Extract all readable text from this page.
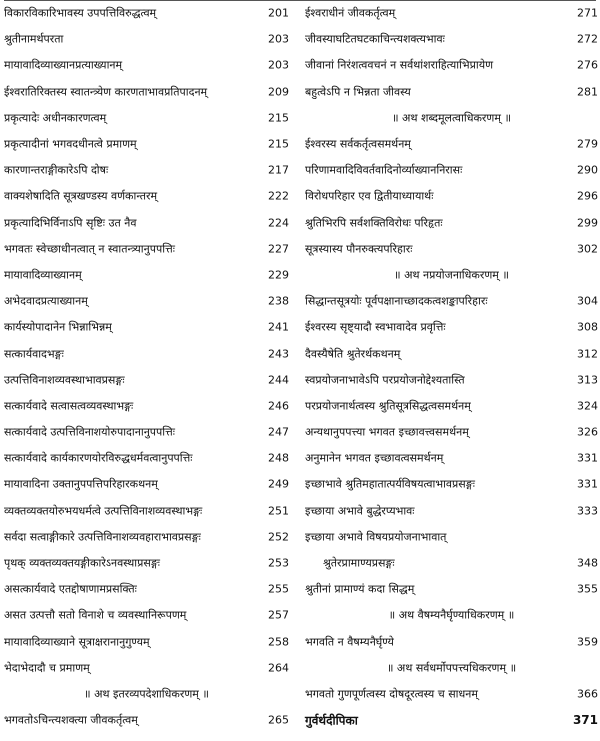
विकारविकारिभावस्य उपपत्तिविरुद्धत्वम्	201
श्रुतीनामर्थपरता	203
मायावादिव्याख्यानप्रत्याख्यानम्	203
ईश्वरातिरिक्तस्य स्वातन्त्र्येण कारणताभावप्रतिपादनम्	209
प्रकृत्यादेः अधीनकारणत्वम्	215
प्रकृत्यादीनां भगवदधीनत्वे प्रमाणम्	215
कारणान्तराङ्गीकारेऽपि दोषः	217
वाक्यशेषादिति सूत्रखण्डस्य वर्णकान्तरम्	222
प्रकृत्यादिभिर्विनाऽपि सृष्टिः उत नैव	224
भगवतः स्वेच्छाधीनत्वात् न स्वातन्त्र्यानुपपत्तिः	227
मायावादिव्याख्यानम्	229
अभेदवादप्रत्याख्यानम्	238
कार्यस्योपादानेन भिन्नाभिन्नम्	241
सत्कार्यवादभङ्गः	243
उत्पत्तिविनाशव्यवस्थाभावप्रसङ्गः	244
सत्कार्यवादे सत्वासत्वव्यवस्थाभङ्गः	246
सत्कार्यवादे उत्पत्तिविनाशयोरुपादानानुपपत्तिः	247
सत्कार्यवादे कार्यकारणयोरविरुद्धधर्मवत्वानुपपत्तिः	248
मायावादिना उक्तानुपपत्तिपरिहारकथनम्	249
व्यक्तव्यक्तयोरुभयधर्मत्वे उत्पत्तिविनाशव्यवस्थाभङ्गः	251
सर्वदा सत्वाङ्गीकारे उत्पत्तिविनाशव्यवहाराभावप्रसङ्गः	252
पृथक् व्यक्तव्यक्तयङ्गीकारेऽनवस्थाप्रसङ्गः	253
असत्कार्यवादे एतद्दोषाणामप्रसक्तिः	255
असत उत्पत्तौ सतो विनाशे च व्यवस्थानिरूपणम्	257
मायावादिव्याख्याने सूत्राक्षरानानुगुण्यम्	258
भेदाभेदादौ च प्रमाणम्	264
॥ अथ इतरव्यपदेशाधिकरणम् ॥
भगवतोऽचिन्त्यशक्त्या जीवकर्तृत्वम्	265
ईश्वराधीनं जीवकर्तृत्वम्	271
जीवस्याघटितघटकाचिन्त्यशक्त्यभावः	272
जीवानां निरंशत्ववचनं न सर्वथांशराहित्याभिप्रायेण	276
बहुत्वेऽपि न भिन्नता जीवस्य	281
॥ अथ शब्दमूलत्वाधिकरणम् ॥
ईश्वरस्य सर्वकर्तृत्वसमर्थनम्	279
परिणामवादिविवर्तवादिनोर्व्याख्याननिरासः	290
विरोधपरिहार एव द्वितीयाध्यायार्थः	296
श्रुतिभिरपि सर्वशक्तिविरोधः परिहृतः	299
सूत्रस्यास्य पौनरुक्त्यपरिहारः	302
॥ अथ नप्रयोजनाधिकरणम् ॥
सिद्धान्तसूत्रयोः पूर्वपक्षानाच्छादकत्वशङ्कापरिहारः	304
ईश्वरस्य सृष्ट्यादौ स्वभावादेव प्रवृत्तिः	308
दैवस्यैषेति श्रुतेरर्थकथनम्	312
स्वप्रयोजनाभावेऽपि परप्रयोजनोद्देश्यतास्ति	313
परप्रयोजनार्थत्वस्य श्रुतिसूत्रसिद्धत्वसमर्थनम्	324
अन्यथानुपपत्त्या भगवत इच्छावत्त्वसमर्थनम्	326
अनुमानेन भगवत इच्छावत्वसमर्थनम्	331
इच्छाभावे श्रुतिमहातात्पर्यविषयत्वाभावप्रसङ्गः	331
इच्छाया अभावे बुद्धेरप्यभावः	333
इच्छाया अभावे विषयप्रयोजनाभावात्
श्रुतेरप्रामाण्यप्रसङ्गः	348
श्रुतीनां प्रामाण्यं कदा सिद्धम्	355
॥ अथ वैषम्यनैर्घृण्याधिकरणम् ॥
भगवति न वैषम्यनैर्घृण्ये	359
॥ अथ सर्वधर्मोपपत्त्यधिकरणम् ॥
भगवतो गुणपूर्णत्वस्य दोषदूरत्वस्य च साधनम्	366
गुर्वर्थदीपिका	371
